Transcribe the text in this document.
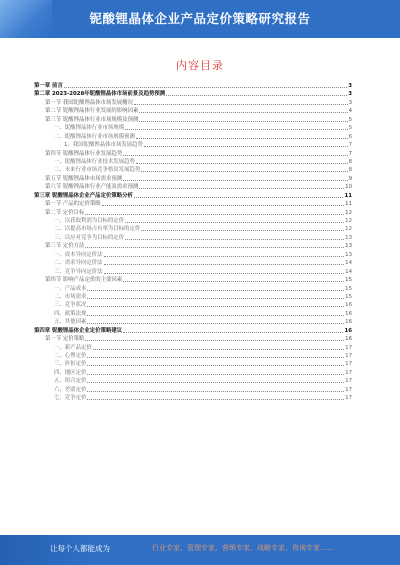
铌酸锂晶体企业产品定价策略研究报告
内容目录
第一章 前言	3
第二章 2023-2028年铌酸锂晶体市场前景及趋势预测	3
第一节 我国铌酸锂晶体市场发展概况	3
第二节 铌酸锂晶体行业发展的影响因素	4
第三节 铌酸锂晶体行业市场规模及预测	5
一、铌酸锂晶体行业市场规模	5
二、铌酸锂晶体行业市场规模预测	6
1、我国铌酸锂晶体市场发展趋势	7
第四节 铌酸锂晶体行业发展趋势	7
一、铌酸锂晶体行业技术发展趋势	8
二、未来行业市场竞争格局发展趋势	8
第五节 铌酸锂晶体市场需求预测	9
第六节 铌酸锂晶体行业产能及需求预测	10
第三章 铌酸锂晶体企业产品定价策略分析	11
第一节 产品的定价策略	11
第二节 定价目标	12
一、以获取利润为目标的定价	12
二、以提高市场占有率为目标的定价	12
三、以应对竞争为目标的定价	13
第三节 定价方法	13
一、成本导向定价法	13
二、需求导向定价法	14
三、竞争导向定价法	14
第四节 影响产品定价的主要因素	15
一、产品成本	15
二、市场需求	15
三、竞争状况	16
四、政策法规	16
五、其他因素	16
第四章 铌酸锂晶体企业定价策略建议	16
第一节 定价策略	16
一、新产品定价	17
二、心理定价	17
三、折扣定价	17
四、地区定价	17
五、组合定价	17
六、差别定价	17
七、竞争定价	17
让每个人都能成为	行业专家、管理专家、营销专家、战略专家、咨询专家……
